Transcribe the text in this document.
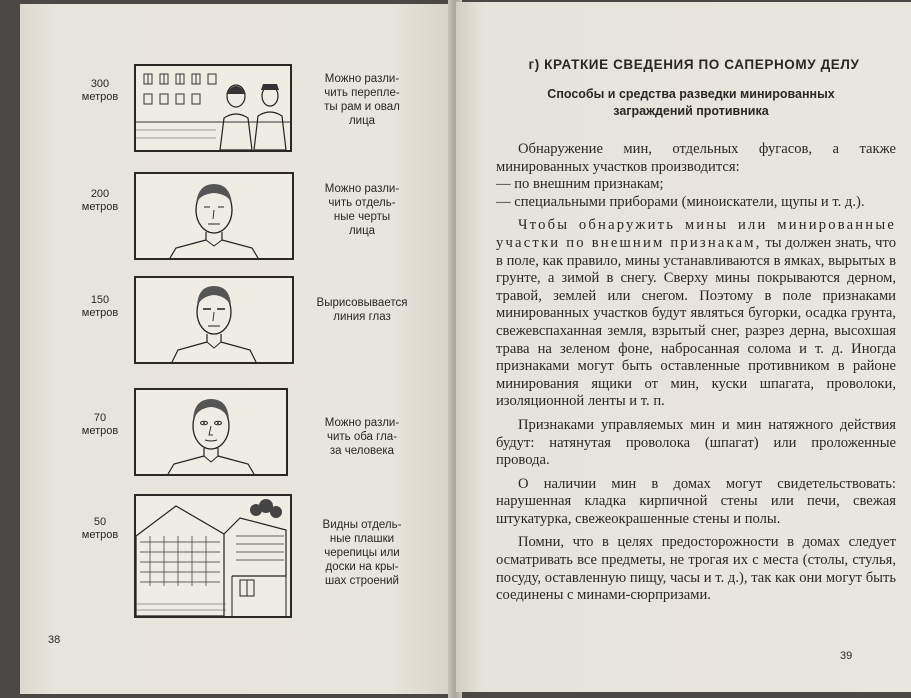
300
метров
Можно разли-
чить перепле-
ты рам и овал
лица
200
метров
Можно разли-
чить отдель-
ные черты
лица
150
метров
Вырисовывается
линия глаз
70
метров
Можно разли-
чить оба гла-
за человека
50
метров
Видны отдель-
ные плашки
черепицы или
доски на кры-
шах строений
38
г) КРАТКИЕ СВЕДЕНИЯ ПО САПЕРНОМУ ДЕЛУ
Способы и средства разведки минированных заграждений противника

Обнаружение мин, отдельных фугасов, а также минированных участков производится:

— по внешним признакам;

— специальными приборами (миноискатели, щупы и т. д.).

Чтобы обнаружить мины или минированные участки по внешним признакам, ты должен знать, что в поле, как правило, мины устанавливаются в ямках, вырытых в грунте, а зимой в снегу. Сверху мины покрываются дерном, травой, землей или снегом. Поэтому в поле признаками минированных участков будут являться бугорки, осадка грунта, свежевспаханная земля, взрытый снег, разрез дерна, высохшая трава на зеленом фоне, набросанная солома и т. д. Иногда признаками могут быть оставленные противником в районе минирования ящики от мин, куски шпагата, проволоки, изоляционной ленты и т. п.

Признаками управляемых мин и мин натяжного действия будут: натянутая проволока (шпагат) или проложенные провода.

О наличии мин в домах могут свидетельствовать: нарушенная кладка кирпичной стены или печи, свежая штукатурка, свежеокрашенные стены и полы.

Помни, что в целях предосторожности в домах следует осматривать все предметы, не трогая их с места (столы, стулья, посуду, оставленную пищу, часы и т. д.), так как они могут быть соединены с минами-сюрпризами.

39
